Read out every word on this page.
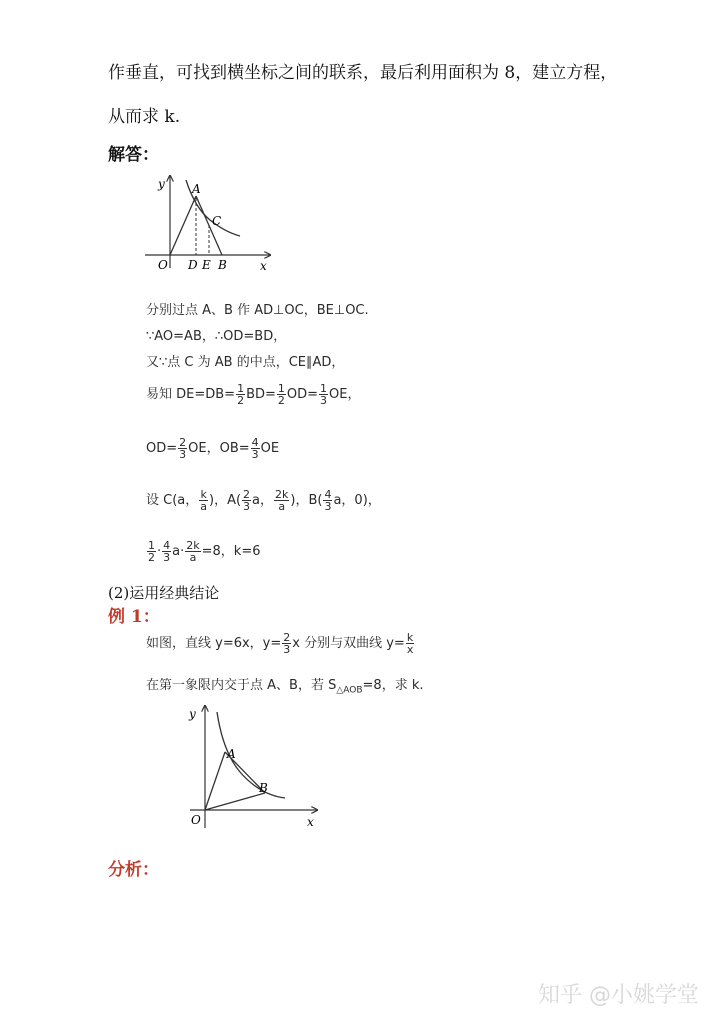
作垂直，可找到横坐标之间的联系，最后利用面积为 8，建立方程，
从而求 k.
解答：
y
x
O
A
C
D E B
分别过点 A、B 作 AD⊥OC，BE⊥OC.
∵AO=AB，∴OD=BD，
又∵点 C 为 AB 的中点，CE∥AD，
易知 $DE=DB= \frac{1}{2} BD= \frac{1}{2} OD= \frac{1}{3}$ OE，
$OD= \frac{2}{3}$ OE，$OB= \frac{4}{3}$ OE
设 C(a， $\frac{k}{a}$ )，$A( \frac{2}{3}$ a， $\frac{2k}{a}$ )，$B( \frac{4}{3}$ a，0)，
$\frac{1}{2} \cdot \frac{4}{3} a\cdot \frac{2k}{a} =8$，k=6
(2)运用经典结论
例 1：
如图，直线 y=6x，$y= \frac{2}{3}$ x 分别与双曲线 $y= \frac{k}{x}$
在第一象限内交于点 A、B，若 $S_{\triangle AOB}=8$，求 k.
y
x
O
A
B
分析：
知乎 @小姚学堂
